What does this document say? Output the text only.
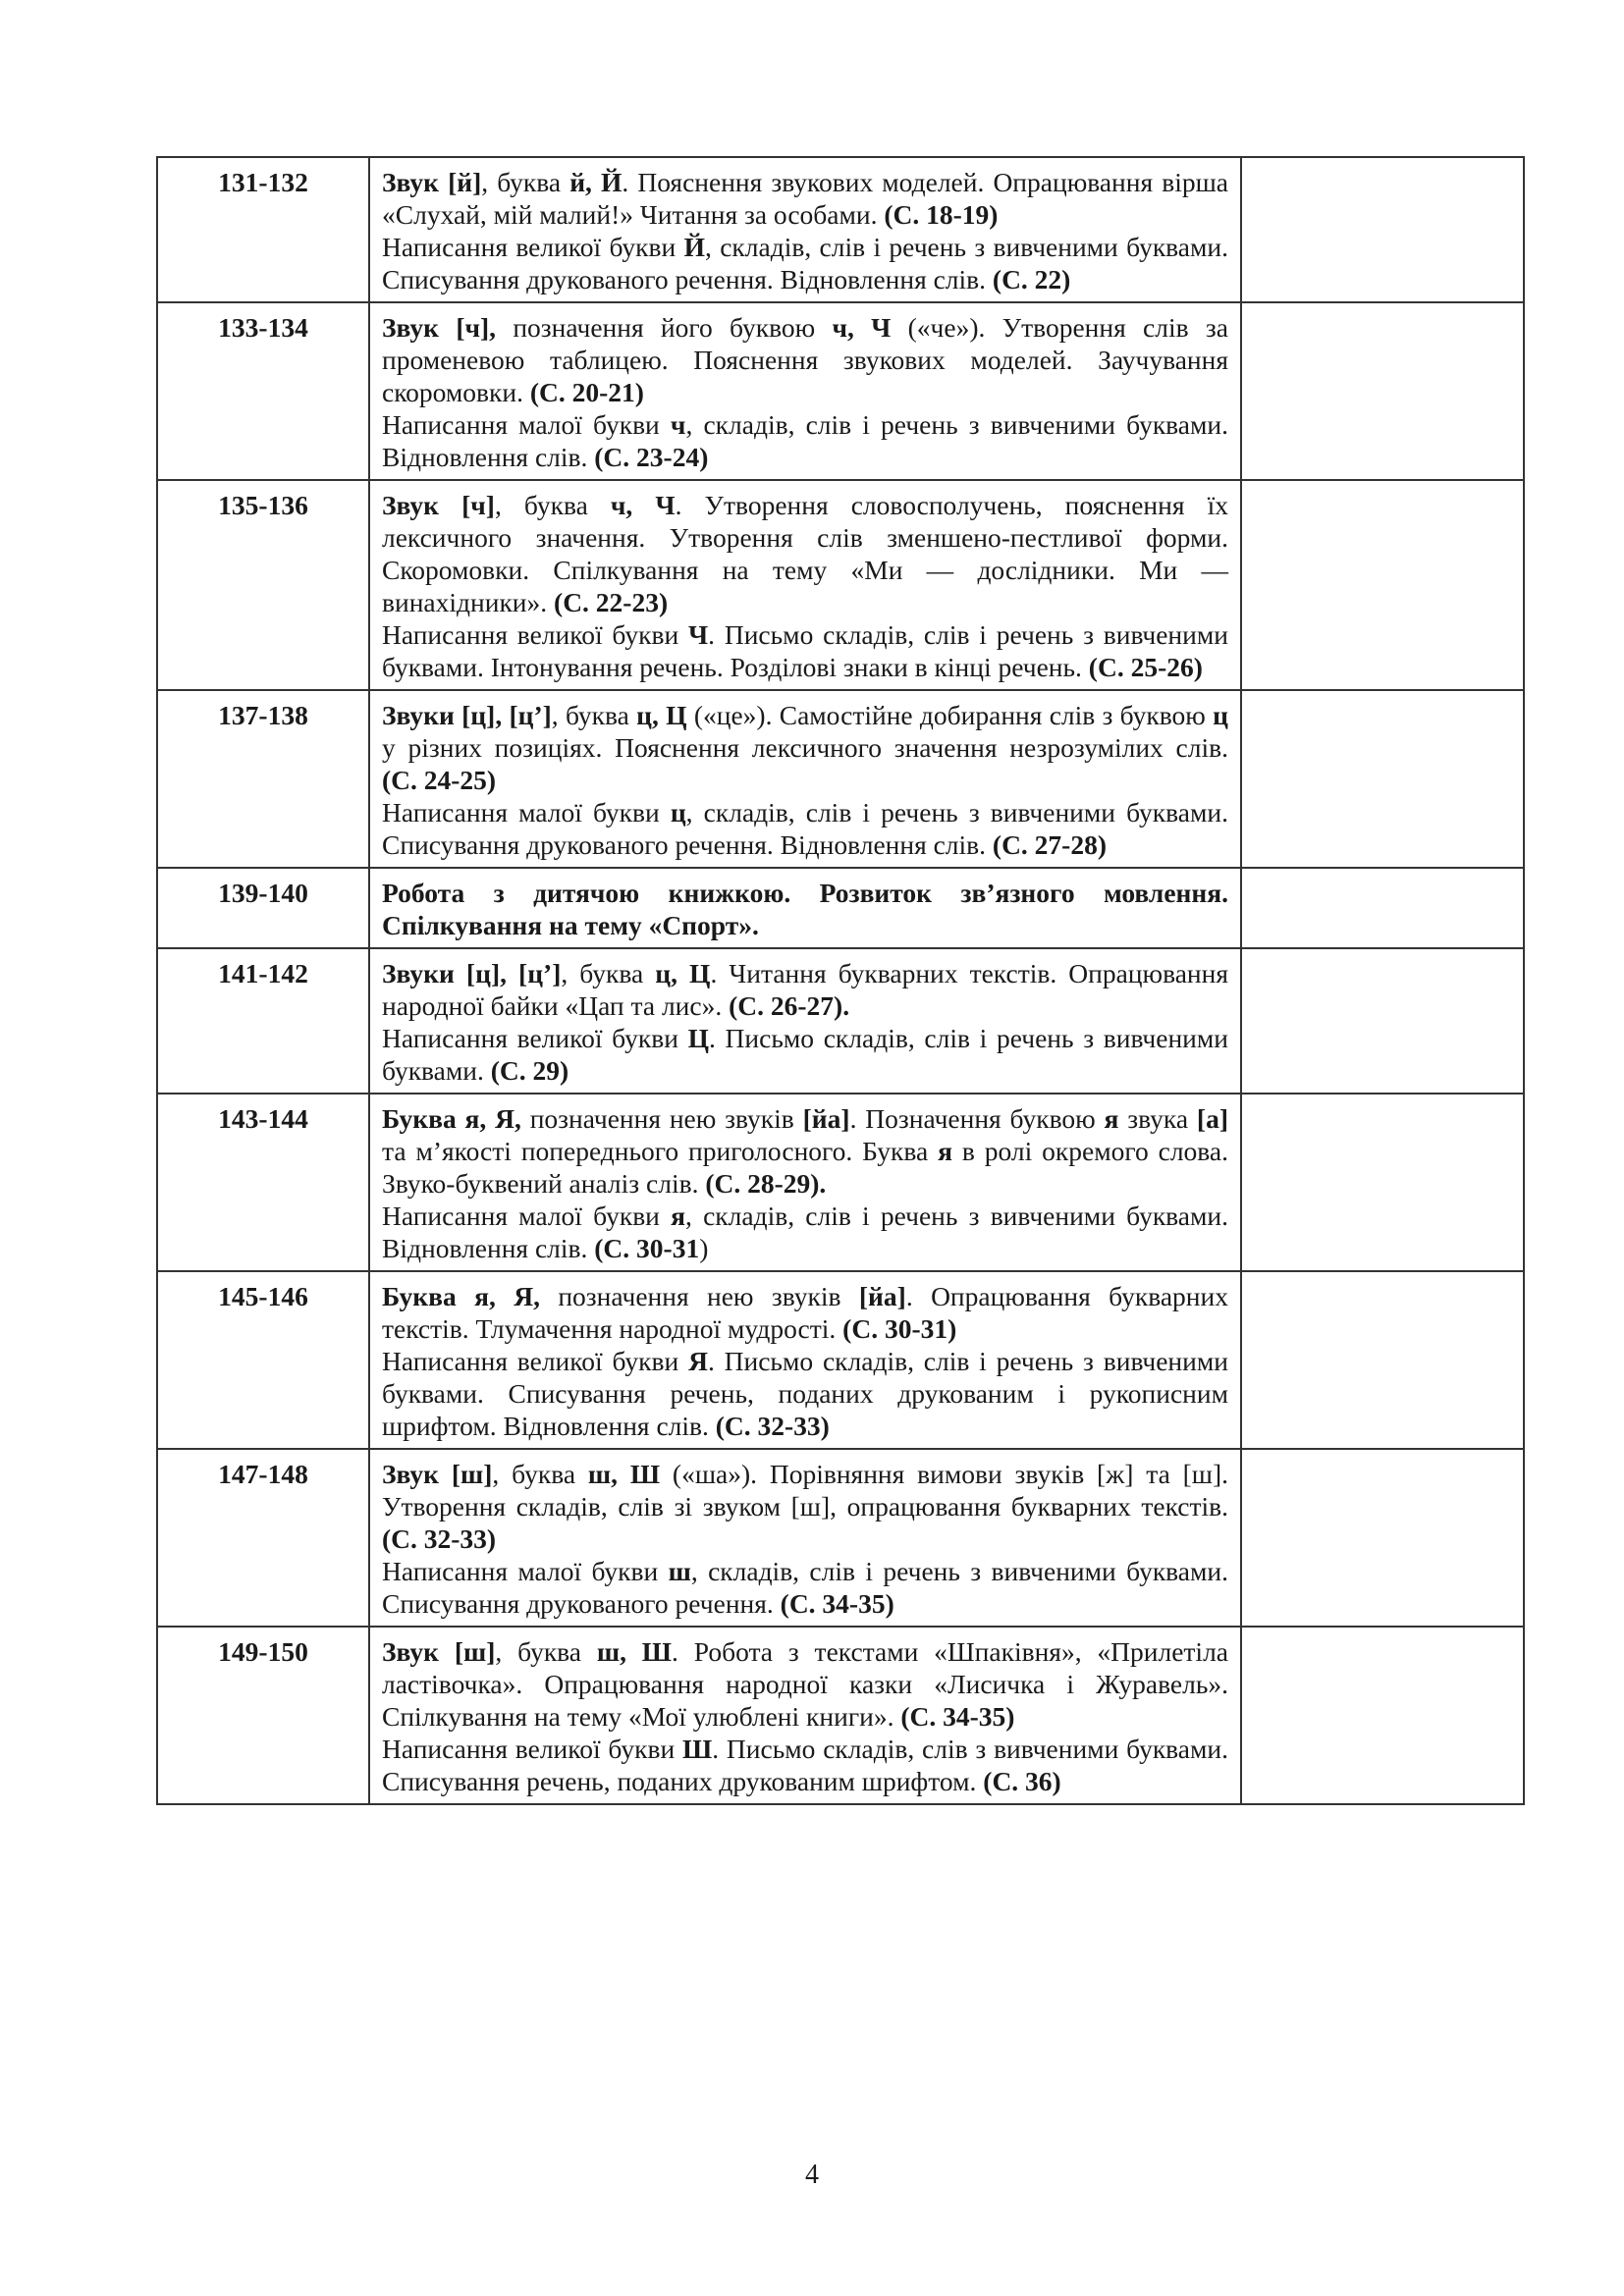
131-132	Звук [й], буква й, Й. Пояснення звукових моделей. Опрацювання вірша «Слухай, мій малий!» Читання за особами. (С. 18-19)

Написання великої букви Й, складів, слів і речень з вивченими буквами. Списування друкованого речення. Відновлення слів. (С. 22)	

133-134	Звук [ч], позначення його буквою ч, Ч («че»). Утворення слів за променевою таблицею. Пояснення звукових моделей. Заучування скоромовки. (С. 20-21)

Написання малої букви ч, складів, слів і речень з вивченими буквами. Відновлення слів. (С. 23-24)	

135-136	Звук [ч], буква ч, Ч. Утворення словосполучень, пояснення їх лексичного значення. Утворення слів зменшено-пестливої форми. Скоромовки. Спілкування на тему «Ми — дослідники. Ми — винахідники». (С. 22-23)

Написання великої букви Ч. Письмо складів, слів і речень з вивченими буквами. Інтонування речень. Розділові знаки в кінці речень. (С. 25-26)	

137-138	Звуки [ц], [ц’], буква ц, Ц («це»). Самостійне добирання слів з буквою ц у різних позиціях. Пояснення лексичного значення незрозумілих слів. (С. 24-25)

Написання малої букви ц, складів, слів і речень з вивченими буквами. Списування друкованого речення. Відновлення слів. (С. 27-28)	

139-140	Робота з дитячою книжкою. Розвиток зв’язного мовлення. Спілкування на тему «Спорт».	

141-142	Звуки [ц], [ц’], буква ц, Ц. Читання букварних текстів. Опрацювання народної байки «Цап та лис». (С. 26-27).

Написання великої букви Ц. Письмо складів, слів і речень з вивченими буквами. (С. 29)	

143-144	Буква я, Я, позначення нею звуків [йа]. Позначення буквою я звука [а] та м’якості попереднього приголосного. Буква я в ролі окремого слова. Звуко-буквений аналіз слів. (С. 28-29).

Написання малої букви я, складів, слів і речень з вивченими буквами. Відновлення слів. (С. 30-31)	

145-146	Буква я, Я, позначення нею звуків [йа]. Опрацювання букварних текстів. Тлумачення народної мудрості. (С. 30-31)

Написання великої букви Я. Письмо складів, слів і речень з вивченими буквами. Списування речень, поданих друкованим і рукописним шрифтом. Відновлення слів. (С. 32-33)	

147-148	Звук [ш], буква ш, Ш («ша»). Порівняння вимови звуків [ж] та [ш]. Утворення складів, слів зі звуком [ш], опрацювання букварних текстів. (С. 32-33)

Написання малої букви ш, складів, слів і речень з вивченими буквами. Списування друкованого речення. (С. 34-35)	

149-150	Звук [ш], буква ш, Ш. Робота з текстами «Шпаківня», «Прилетіла ластівочка». Опрацювання народної казки «Лисичка і Журавель». Спілкування на тему «Мої улюблені книги». (С. 34-35)

Написання великої букви Ш. Письмо складів, слів з вивченими буквами. Списування речень, поданих друкованим шрифтом. (С. 36)	

4
